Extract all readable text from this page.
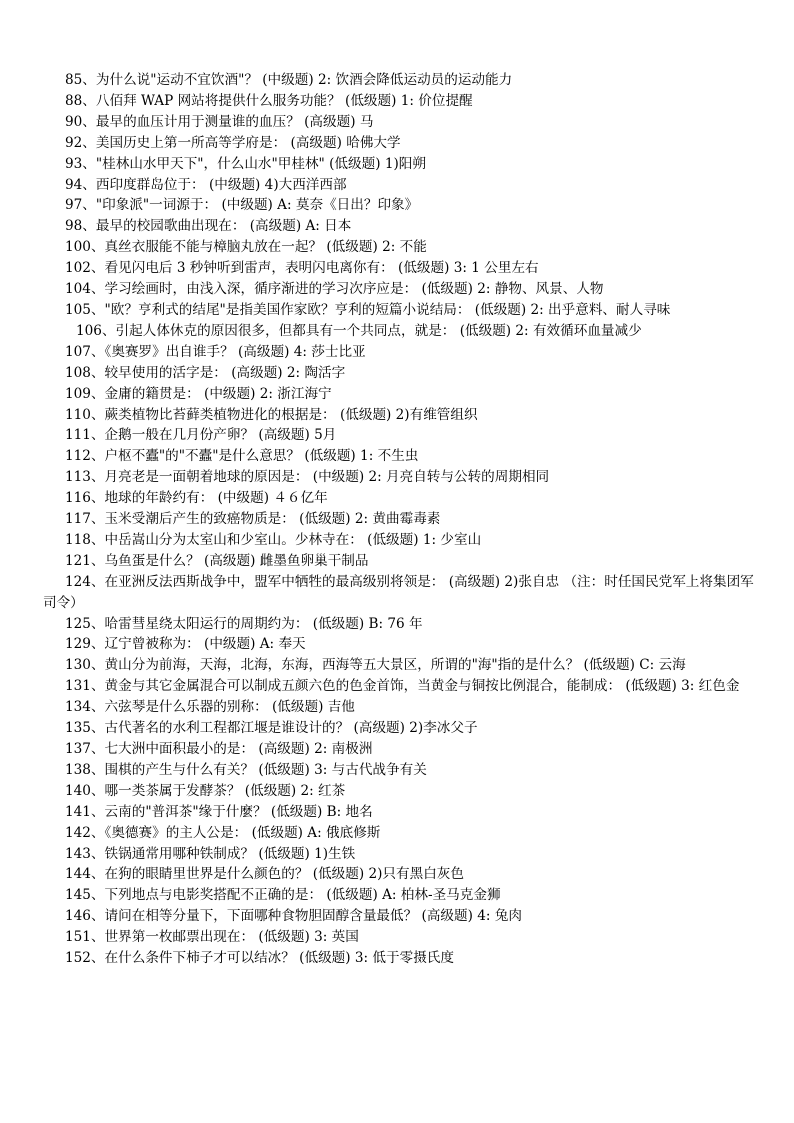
85、为什么说"运动不宜饮酒"？ (中级题) 2: 饮酒会降低运动员的运动能力

88、八佰拜 WAP 网站将提供什么服务功能？ (低级题) 1: 价位提醒

90、最早的血压计用于测量谁的血压？ (高级题) 马

92、美国历史上第一所高等学府是： (高级题) 哈佛大学

93、"桂林山水甲天下"，什么山水"甲桂林" (低级题) 1)阳朔

94、西印度群岛位于： (中级题) 4)大西洋西部

97、"印象派"一词源于： (中级题) A: 莫奈《日出？印象》

98、最早的校园歌曲出现在： (高级题) A: 日本

100、真丝衣服能不能与樟脑丸放在一起？ (低级题) 2: 不能

102、看见闪电后 3 秒钟听到雷声，表明闪电离你有： (低级题) 3: 1 公里左右

104、学习绘画时，由浅入深，循序渐进的学习次序应是： (低级题) 2: 静物、风景、人物

105、"欧？亨利式的结尾"是指美国作家欧？亨利的短篇小说结局： (低级题) 2: 出乎意料、耐人寻味

106、引起人体休克的原因很多，但都具有一个共同点，就是： (低级题) 2: 有效循环血量减少

107、《奥赛罗》出自谁手？ (高级题) 4: 莎士比亚

108、较早使用的活字是： (高级题) 2: 陶活字

109、金庸的籍贯是： (中级题) 2: 浙江海宁

110、蕨类植物比苔藓类植物进化的根据是： (低级题) 2)有维管组织

111、企鹅一般在几月份产卵？ (高级题) 5月

112、户枢不蠹"的"不蠹"是什么意思？ (低级题) 1: 不生虫

113、月亮老是一面朝着地球的原因是： (中级题) 2: 月亮自转与公转的周期相同

116、地球的年龄约有： (中级题) ４６亿年

117、玉米受潮后产生的致癌物质是： (低级题) 2: 黄曲霉毒素

118、中岳嵩山分为太室山和少室山。少林寺在： (低级题) 1: 少室山

121、乌鱼蛋是什么？ (高级题) 雌墨鱼卵巢干制品

124、在亚洲反法西斯战争中，盟军中牺牲的最高级别将领是： (高级题) 2)张自忠 （注：时任国民党军上将集团军司令）

125、哈雷彗星绕太阳运行的周期约为： (低级题) B: 76 年

129、辽宁曾被称为： (中级题) A: 奉天

130、黄山分为前海，天海，北海，东海，西海等五大景区，所谓的"海"指的是什么？ (低级题) C: 云海

131、黄金与其它金属混合可以制成五颜六色的色金首饰，当黄金与铜按比例混合，能制成： (低级题) 3: 红色金

134、六弦琴是什么乐器的别称： (低级题) 吉他

135、古代著名的水利工程都江堰是谁设计的？ (高级题) 2)李冰父子

137、七大洲中面积最小的是： (高级题) 2: 南极洲

138、围棋的产生与什么有关？ (低级题) 3: 与古代战争有关

140、哪一类茶属于发酵茶？ (低级题) 2: 红茶

141、云南的"普洱茶"缘于什麼？ (低级题) B: 地名

142、《奥德赛》的主人公是： (低级题) A: 俄底修斯

143、铁锅通常用哪种铁制成？ (低级题) 1)生铁

144、在狗的眼睛里世界是什么颜色的？ (低级题) 2)只有黑白灰色

145、下列地点与电影奖搭配不正确的是： (低级题) A: 柏林-圣马克金狮

146、请问在相等分量下，下面哪种食物胆固醇含量最低？ (高级题) 4: 兔肉

151、世界第一枚邮票出现在： (低级题) 3: 英国

152、在什么条件下柿子才可以结冰？ (低级题) 3: 低于零摄氏度
